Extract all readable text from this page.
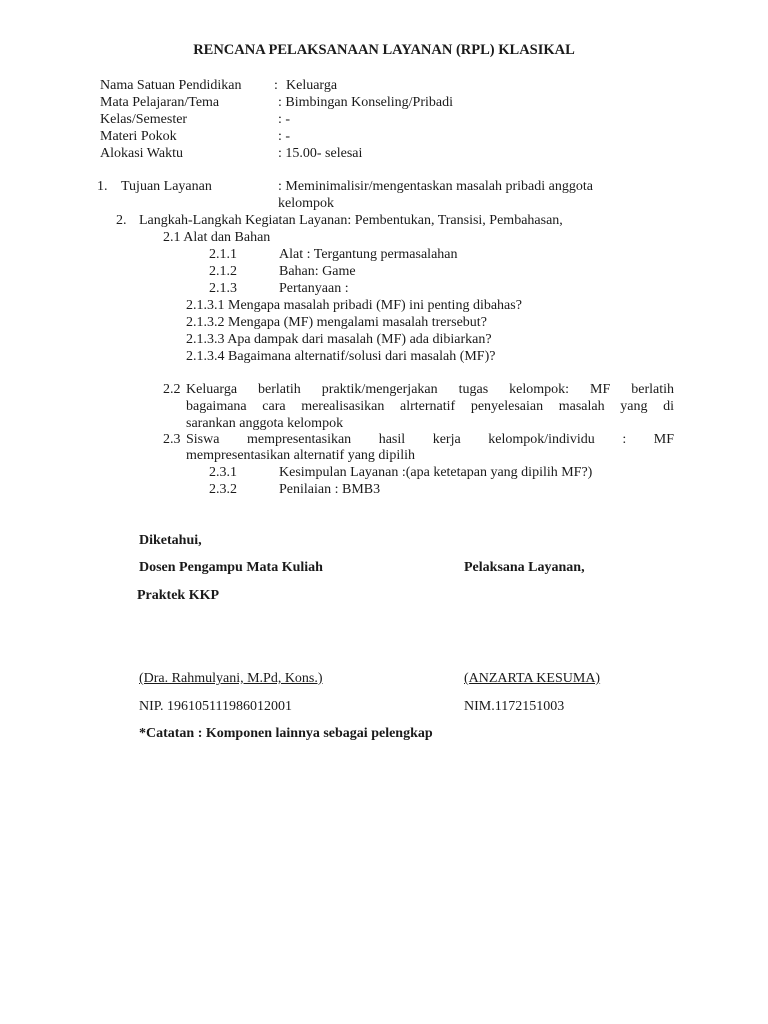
RENCANA PELAKSANAAN LAYANAN (RPL) KLASIKAL
Nama Satuan Pendidikan : Keluarga
Mata Pelajaran/Tema	: Bimbingan Konseling/Pribadi
Kelas/Semester	: -
Materi Pokok	: -
Alokasi Waktu	: 15.00- selesai
1. Tujuan Layanan	: Meminimalisir/mengentaskan masalah pribadi anggota
kelompok
2. Langkah-Langkah Kegiatan Layanan: Pembentukan, Transisi, Pembahasan,
2.1 Alat dan Bahan
2.1.1	Alat : Tergantung permasalahan
2.1.2	Bahan: Game
2.1.3	Pertanyaan :
2.1.3.1 Mengapa masalah pribadi (MF) ini penting dibahas?
2.1.3.2 Mengapa (MF) mengalami masalah trersebut?
2.1.3.3 Apa dampak dari masalah (MF) ada dibiarkan?
2.1.3.4 Bagaimana alternatif/solusi dari masalah (MF)?
2.2 Keluarga berlatih praktik/mengerjakan tugas kelompok: MF berlatih
bagaimana cara merealisasikan alrternatif penyelesaian masalah yang di
sarankan anggota kelompok
2.3 Siswa mempresentasikan hasil kerja kelompok/individu : MF
mempresentasikan alternatif yang dipilih
2.3.1	Kesimpulan Layanan :(apa ketetapan yang dipilih MF?)
2.3.2	Penilaian : BMB3
Diketahui,
Dosen Pengampu Mata Kuliah	Pelaksana Layanan,
Praktek KKP
(Dra. Rahmulyani, M.Pd, Kons.)	(ANZARTA KESUMA)
NIP. 196105111986012001	NIM.1172151003
*Catatan : Komponen lainnya sebagai pelengkap
